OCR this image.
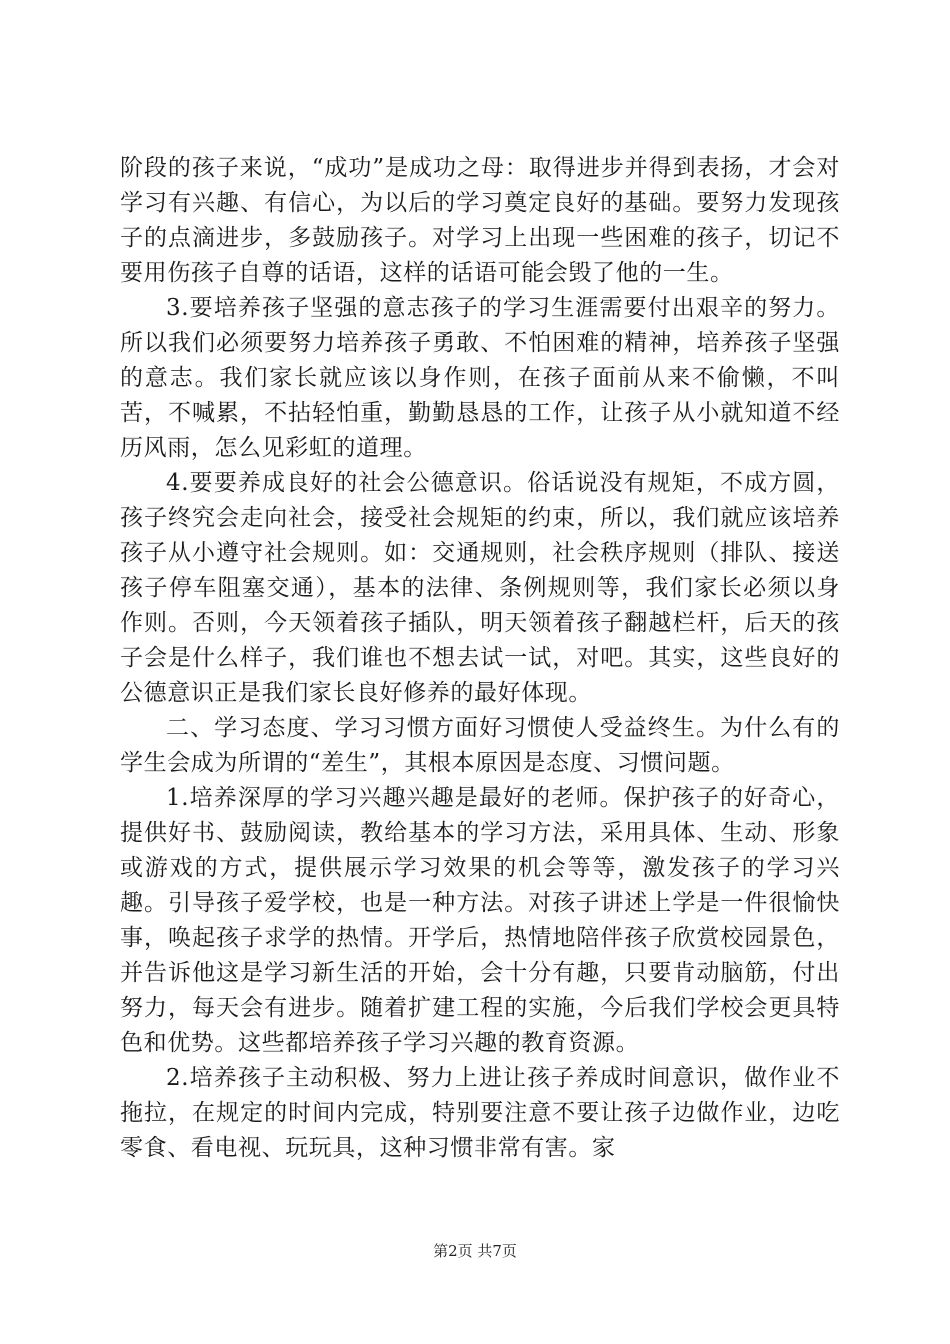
阶段的孩子来说，“成功”是成功之母：取得进步并得到表扬，才会对学习有兴趣、有信心，为以后的学习奠定良好的基础。要努力发现孩子的点滴进步，多鼓励孩子。对学习上出现一些困难的孩子，切记不要用伤孩子自尊的话语，这样的话语可能会毁了他的一生。

3.要培养孩子坚强的意志孩子的学习生涯需要付出艰辛的努力。所以我们必须要努力培养孩子勇敢、不怕困难的精神，培养孩子坚强的意志。我们家长就应该以身作则，在孩子面前从来不偷懒，不叫苦，不喊累，不拈轻怕重，勤勤恳恳的工作，让孩子从小就知道不经历风雨，怎么见彩虹的道理。

4.要要养成良好的社会公德意识。俗话说没有规矩，不成方圆，孩子终究会走向社会，接受社会规矩的约束，所以，我们就应该培养孩子从小遵守社会规则。如：交通规则，社会秩序规则（排队、接送孩子停车阻塞交通），基本的法律、条例规则等，我们家长必须以身作则。否则，今天领着孩子插队，明天领着孩子翻越栏杆，后天的孩子会是什么样子，我们谁也不想去试一试，对吧。其实，这些良好的公德意识正是我们家长良好修养的最好体现。

二、学习态度、学习习惯方面好习惯使人受益终生。为什么有的学生会成为所谓的“差生”，其根本原因是态度、习惯问题。

1.培养深厚的学习兴趣兴趣是最好的老师。保护孩子的好奇心，提供好书、鼓励阅读，教给基本的学习方法，采用具体、生动、形象或游戏的方式，提供展示学习效果的机会等等，激发孩子的学习兴趣。引导孩子爱学校，也是一种方法。对孩子讲述上学是一件很愉快事，唤起孩子求学的热情。开学后，热情地陪伴孩子欣赏校园景色，并告诉他这是学习新生活的开始，会十分有趣，只要肯动脑筋，付出努力，每天会有进步。随着扩建工程的实施，今后我们学校会更具特色和优势。这些都培养孩子学习兴趣的教育资源。

2.培养孩子主动积极、努力上进让孩子养成时间意识，做作业不拖拉，在规定的时间内完成，特别要注意不要让孩子边做作业，边吃零食、看电视、玩玩具，这种习惯非常有害。家

第2页 共7页
